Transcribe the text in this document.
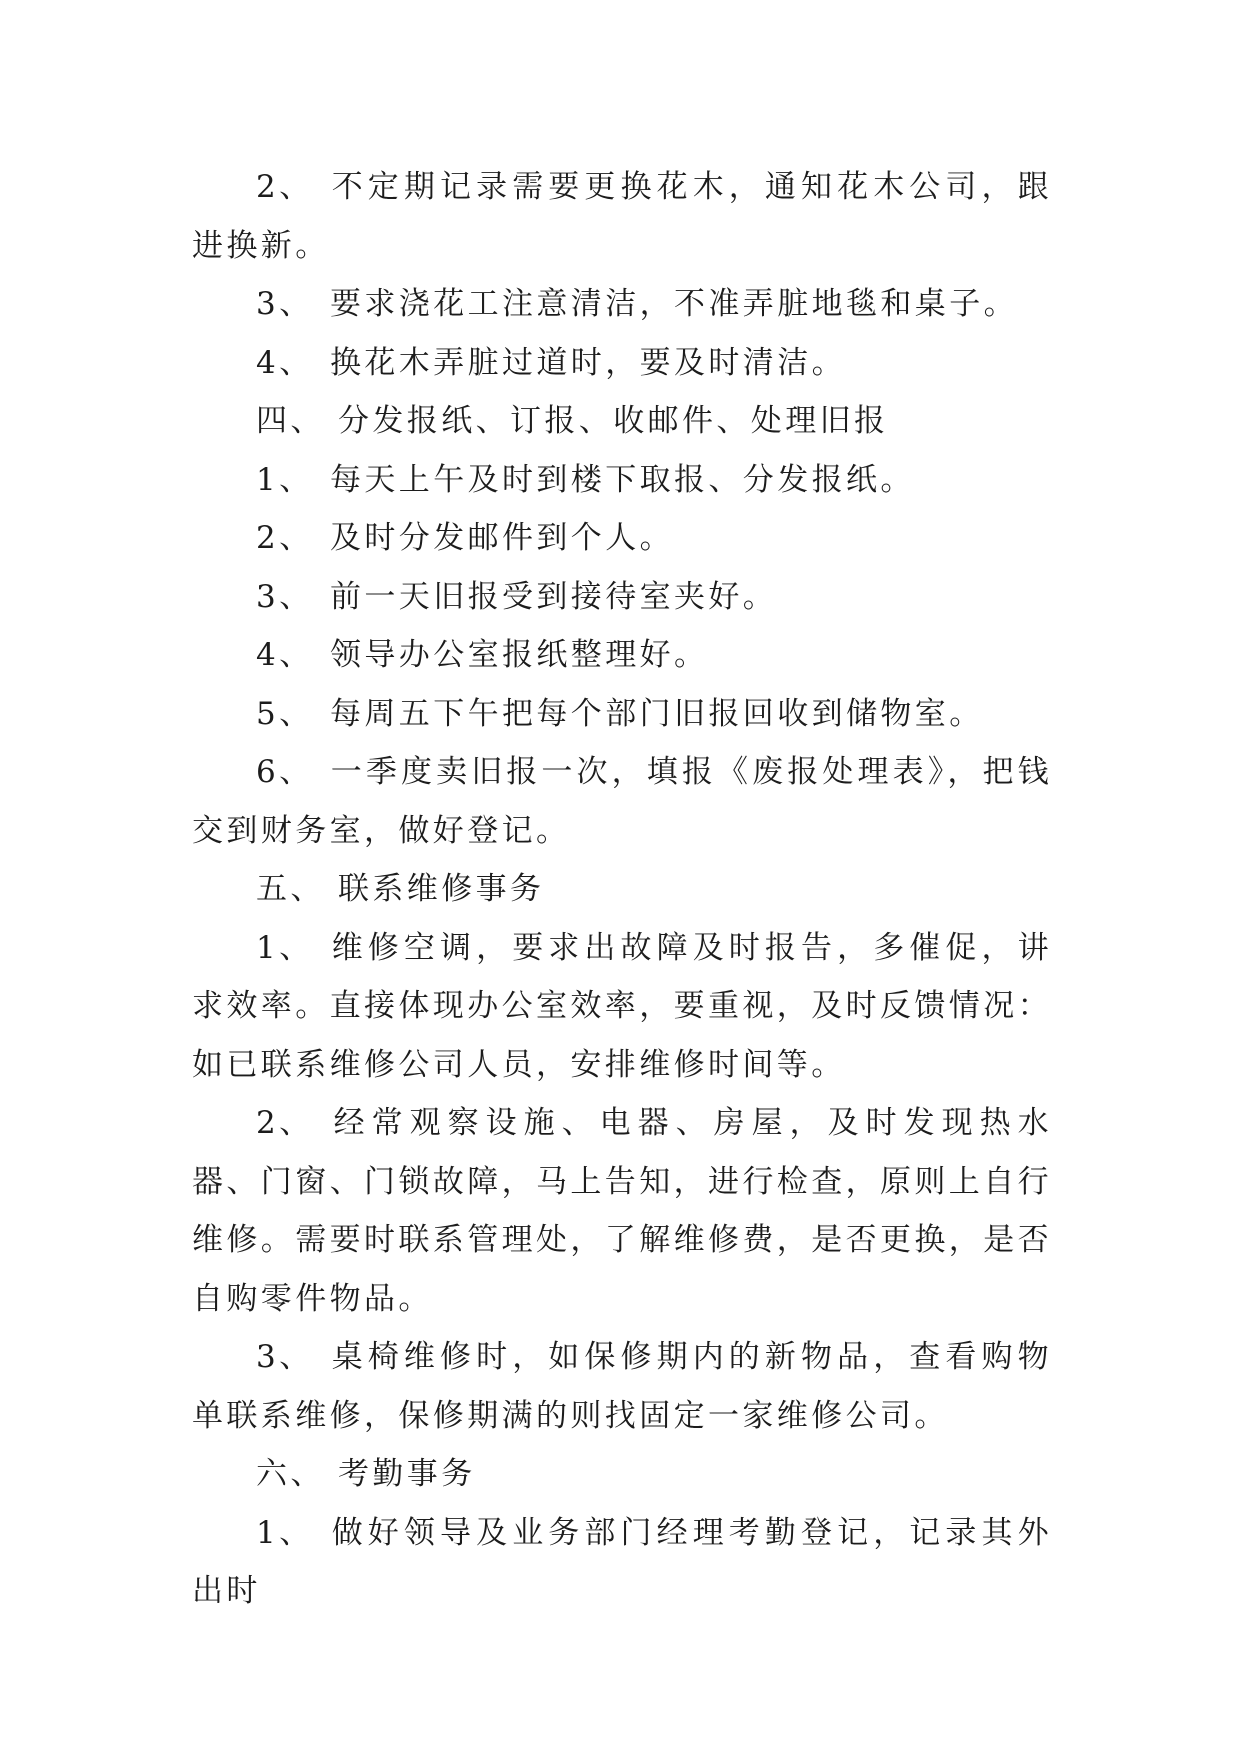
2、 不定期记录需要更换花木，通知花木公司，跟进换新。

3、 要求浇花工注意清洁，不准弄脏地毯和桌子。

4、 换花木弄脏过道时，要及时清洁。

四、 分发报纸、订报、收邮件、处理旧报

1、 每天上午及时到楼下取报、分发报纸。

2、 及时分发邮件到个人。

3、 前一天旧报受到接待室夹好。

4、 领导办公室报纸整理好。

5、 每周五下午把每个部门旧报回收到储物室。

6、 一季度卖旧报一次，填报《废报处理表》，把钱交到财务室，做好登记。

五、 联系维修事务

1、 维修空调，要求出故障及时报告，多催促，讲求效率。直接体现办公室效率，要重视，及时反馈情况：如已联系维修公司人员，安排维修时间等。

2、 经常观察设施、电器、房屋，及时发现热水器、门窗、门锁故障，马上告知，进行检查，原则上自行维修。需要时联系管理处，了解维修费，是否更换，是否自购零件物品。

3、 桌椅维修时，如保修期内的新物品，查看购物单联系维修，保修期满的则找固定一家维修公司。

六、 考勤事务

1、 做好领导及业务部门经理考勤登记，记录其外出时
